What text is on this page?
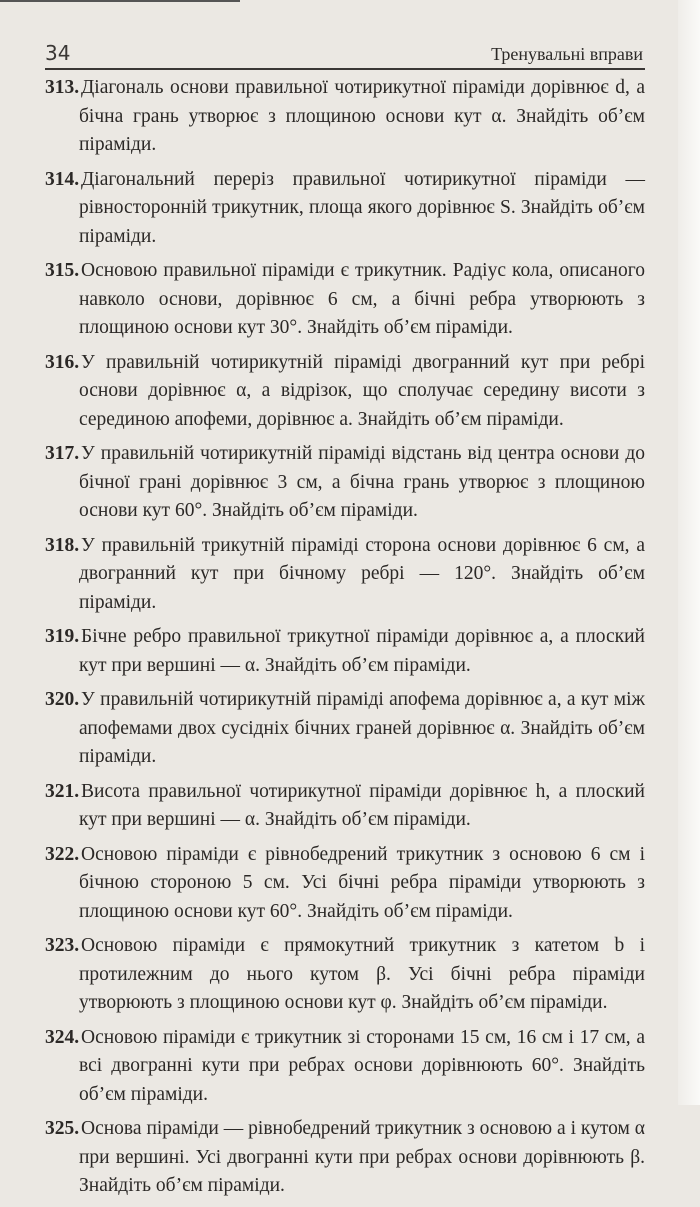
34	Тренувальні вправи
313. Діагональ основи правильної чотирикутної піраміди дорівнює d, а бічна грань утворює з площиною основи кут α. Знайдіть об’єм піраміди.
314. Діагональний переріз правильної чотирикутної піраміди — рівносторонній трикутник, площа якого дорівнює S. Знайдіть об’єм піраміди.
315. Основою правильної піраміди є трикутник. Радіус кола, описаного навколо основи, дорівнює 6 см, а бічні ребра утворюють з площиною основи кут 30°. Знайдіть об’єм піраміди.
316. У правильній чотирикутній піраміді двогранний кут при ребрі основи дорівнює α, а відрізок, що сполучає середину висоти з серединою апофеми, дорівнює a. Знайдіть об’єм піраміди.
317. У правильній чотирикутній піраміді відстань від центра основи до бічної грані дорівнює 3 см, а бічна грань утворює з площиною основи кут 60°. Знайдіть об’єм піраміди.
318. У правильній трикутній піраміді сторона основи дорівнює 6 см, а двогранний кут при бічному ребрі — 120°. Знайдіть об’єм піраміди.
319. Бічне ребро правильної трикутної піраміди дорівнює a, а плоский кут при вершині — α. Знайдіть об’єм піраміди.
320. У правильній чотирикутній піраміді апофема дорівнює a, а кут між апофемами двох сусідніх бічних граней дорівнює α. Знайдіть об’єм піраміди.
321. Висота правильної чотирикутної піраміди дорівнює h, а плоский кут при вершині — α. Знайдіть об’єм піраміди.
322. Основою піраміди є рівнобедрений трикутник з основою 6 см і бічною стороною 5 см. Усі бічні ребра піраміди утворюють з площиною основи кут 60°. Знайдіть об’єм піраміди.
323. Основою піраміди є прямокутний трикутник з катетом b і протилежним до нього кутом β. Усі бічні ребра піраміди утворюють з площиною основи кут φ. Знайдіть об’єм піраміди.
324. Основою піраміди є трикутник зі сторонами 15 см, 16 см і 17 см, а всі двогранні кути при ребрах основи дорівнюють 60°. Знайдіть об’єм піраміди.
325. Основа піраміди — рівнобедрений трикутник з основою a і кутом α при вершині. Усі двогранні кути при ребрах основи дорівнюють β. Знайдіть об’єм піраміди.
